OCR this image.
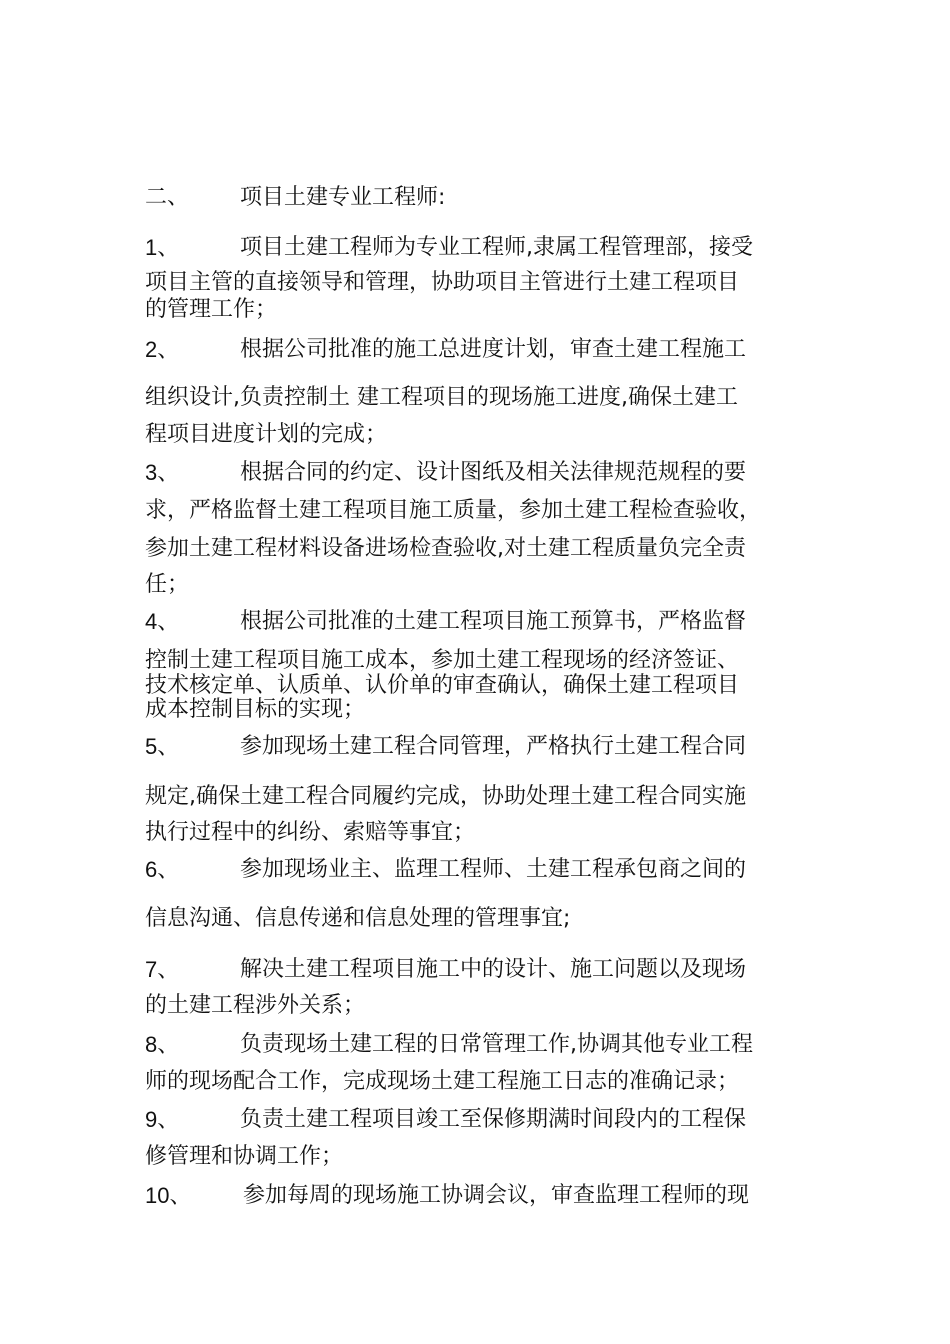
二、 项目土建专业工程师:
1、	项目土建工程师为专业工程师,隶属工程管理部，接受
项目主管的直接领导和管理，协助项目主管进行土建工程项目
的管理工作；
2、	根据公司批准的施工总进度计划，审查土建工程施工
组织设计,负责控制土 建工程项目的现场施工进度,确保土建工
程项目进度计划的完成；
3、	根据合同的约定、设计图纸及相关法律规范规程的要
求，严格监督土建工程项目施工质量，参加土建工程检查验收，
参加土建工程材料设备进场检查验收,对土建工程质量负完全责
任；
4、	根据公司批准的土建工程项目施工预算书，严格监督
控制土建工程项目施工成本，参加土建工程现场的经济签证、
技术核定单、认质单、认价单的审查确认，确保土建工程项目
成本控制目标的实现；
5、	参加现场土建工程合同管理，严格执行土建工程合同
规定,确保土建工程合同履约完成，协助处理土建工程合同实施
执行过程中的纠纷、索赔等事宜；
6、	参加现场业主、监理工程师、土建工程承包商之间的
信息沟通、信息传递和信息处理的管理事宜;
7、	解决土建工程项目施工中的设计、施工问题以及现场
的土建工程涉外关系；
8、	负责现场土建工程的日常管理工作,协调其他专业工程
师的现场配合工作，完成现场土建工程施工日志的准确记录；
9、	负责土建工程项目竣工至保修期满时间段内的工程保
修管理和协调工作；
10、 参加每周的现场施工协调会议，审查监理工程师的现
